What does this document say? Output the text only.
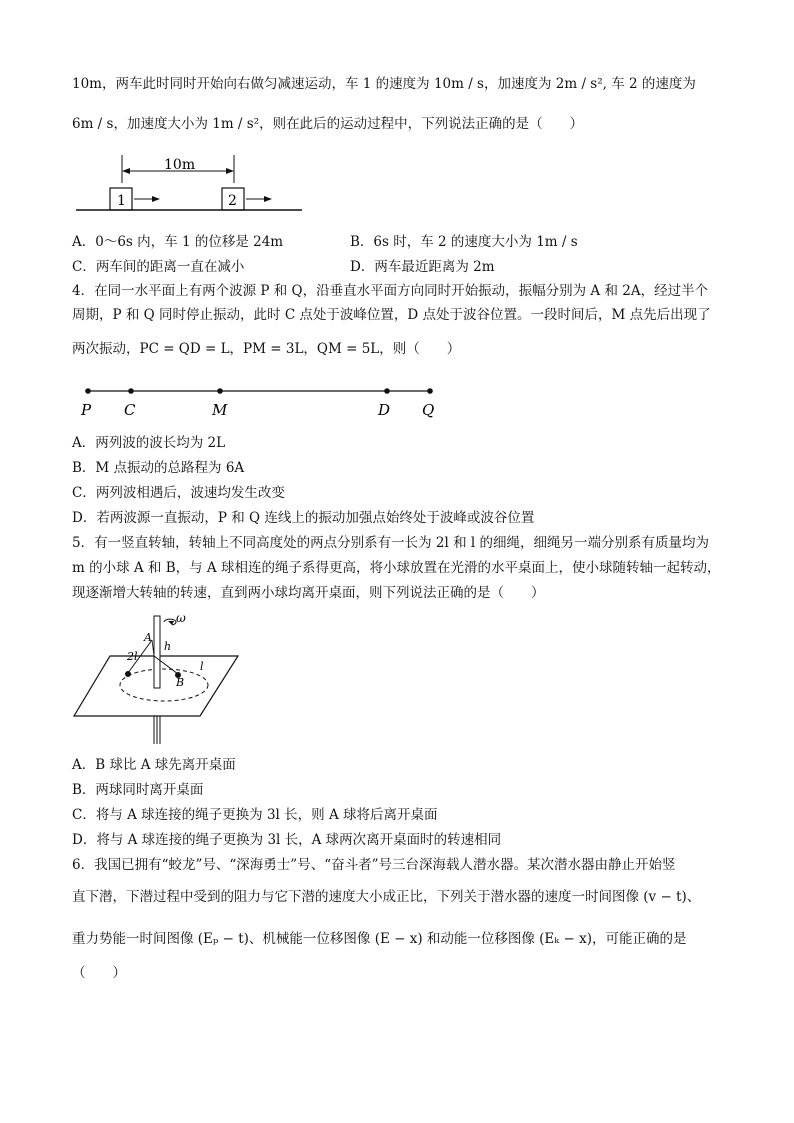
10m，两车此时同时开始向右做匀减速运动，车 1 的速度为 10m / s，加速度为 2m / s², 车 2 的速度为
6m / s，加速度大小为 1m / s²，则在此后的运动过程中，下列说法正确的是（　　）
10m
1	2
A．0～6s 内，车 1 的位移是 24m	B．6s 时，车 2 的速度大小为 1m / s
C．两车间的距离一直在减小	D．两车最近距离为 2m
4．在同一水平面上有两个波源 P 和 Q，沿垂直水平面方向同时开始振动，振幅分别为 A 和 2A，经过半个
周期，P 和 Q 同时停止振动，此时 C 点处于波峰位置，D 点处于波谷位置。一段时间后，M 点先后出现了
两次振动，PC = QD = L，PM = 3L，QM = 5L，则（　　）
P C	M	D Q
A．两列波的波长均为 2L
B．M 点振动的总路程为 6A
C．两列波相遇后，波速均发生改变
D．若两波源一直振动，P 和 Q 连线上的振动加强点始终处于波峰或波谷位置
5．有一竖直转轴，转轴上不同高度处的两点分别系有一长为 2l 和 l 的细绳，细绳另一端分别系有质量均为
m 的小球 A 和 B，与 A 球相连的绳子系得更高，将小球放置在光滑的水平桌面上，使小球随转轴一起转动，
现逐渐增大转轴的转速，直到两小球均离开桌面，则下列说法正确的是（　　）
ω
A
h
2l
l
B
A．B 球比 A 球先离开桌面
B．两球同时离开桌面
C．将与 A 球连接的绳子更换为 3l 长，则 A 球将后离开桌面
D．将与 A 球连接的绳子更换为 3l 长，A 球两次离开桌面时的转速相同
6．我国已拥有“蛟龙”号、“深海勇士”号、“奋斗者”号三台深海载人潜水器。某次潜水器由静止开始竖
直下潜，下潜过程中受到的阻力与它下潜的速度大小成正比，下列关于潜水器的速度一时间图像 (v − t)、
重力势能一时间图像 (Eₚ − t)、机械能一位移图像 (E − x) 和动能一位移图像 (Eₖ − x)，可能正确的是
（　　）
